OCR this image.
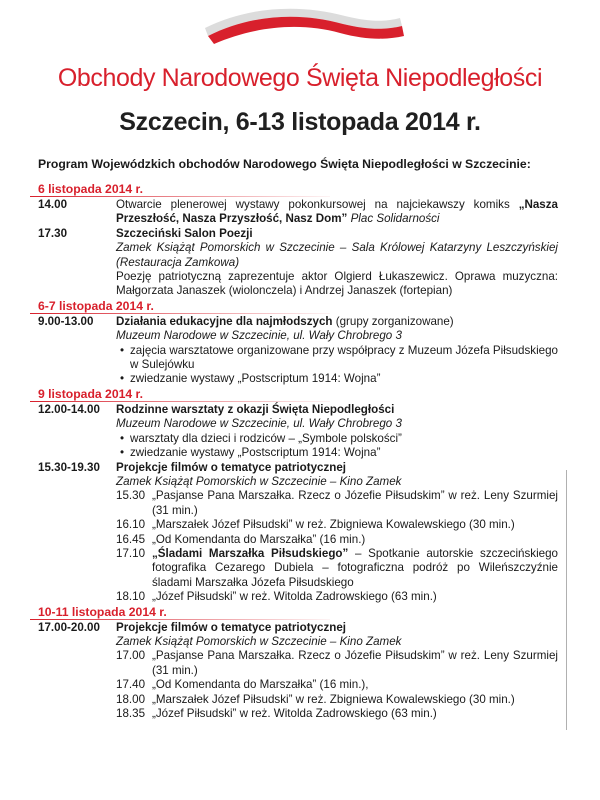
Obchody Narodowego Święta Niepodległości
Szczecin, 6-13 listopada 2014 r.
Program Wojewódzkich obchodów Narodowego Święta Niepodległości w Szczecinie:
6 listopada 2014 r.
14.00	Otwarcie plenerowej wystawy pokonkursowej na najciekawszy komiks „Nasza Przeszłość, Nasza Przyszłość, Nasz Dom” Plac Solidarności
17.30	Szczeciński Salon Poezji
Zamek Książąt Pomorskich w Szczecinie – Sala Królowej Katarzyny Leszczyńskiej (Restauracja Zamkowa)
Poezję patriotyczną zaprezentuje aktor Olgierd Łukaszewicz. Oprawa muzyczna: Małgorzata Janaszek (wiolonczela) i Andrzej Janaszek (fortepian)
6-7 listopada 2014 r.
9.00-13.00 Działania edukacyjne dla najmłodszych (grupy zorganizowane)
Muzeum Narodowe w Szczecinie, ul. Wały Chrobrego 3
• zajęcia warsztatowe organizowane przy współpracy z Muzeum Józefa Piłsudskiego w Sulejówku
• zwiedzanie wystawy „Postscriptum 1914: Wojna”
9 listopada 2014 r.
12.00-14.00 Rodzinne warsztaty z okazji Święta Niepodległości
Muzeum Narodowe w Szczecinie, ul. Wały Chrobrego 3
• warsztaty dla dzieci i rodziców – „Symbole polskości”
• zwiedzanie wystawy „Postscriptum 1914: Wojna”
15.30-19.30 Projekcje filmów o tematyce patriotycznej
Zamek Książąt Pomorskich w Szczecinie – Kino Zamek
15.30 „Pasjanse Pana Marszałka. Rzecz o Józefie Piłsudskim” w reż. Leny Szurmiej (31 min.)
16.10 „Marszałek Józef Piłsudski” w reż. Zbigniewa Kowalewskiego (30 min.)
16.45 „Od Komendanta do Marszałka” (16 min.)
17.10 „Śladami Marszałka Piłsudskiego” – Spotkanie autorskie szczecińskiego fotografika Cezarego Dubiela – fotograficzna podróż po Wileńszczyźnie śladami Marszałka Józefa Piłsudskiego
18.10 „Józef Piłsudski” w reż. Witolda Zadrowskiego (63 min.)
10-11 listopada 2014 r.
17.00-20.00 Projekcje filmów o tematyce patriotycznej
Zamek Książąt Pomorskich w Szczecinie – Kino Zamek
17.00 „Pasjanse Pana Marszałka. Rzecz o Józefie Piłsudskim” w reż. Leny Szurmiej (31 min.)
17.40 „Od Komendanta do Marszałka” (16 min.),
18.00 „Marszałek Józef Piłsudski” w reż. Zbigniewa Kowalewskiego (30 min.)
18.35 „Józef Piłsudski” w reż. Witolda Zadrowskiego (63 min.)
